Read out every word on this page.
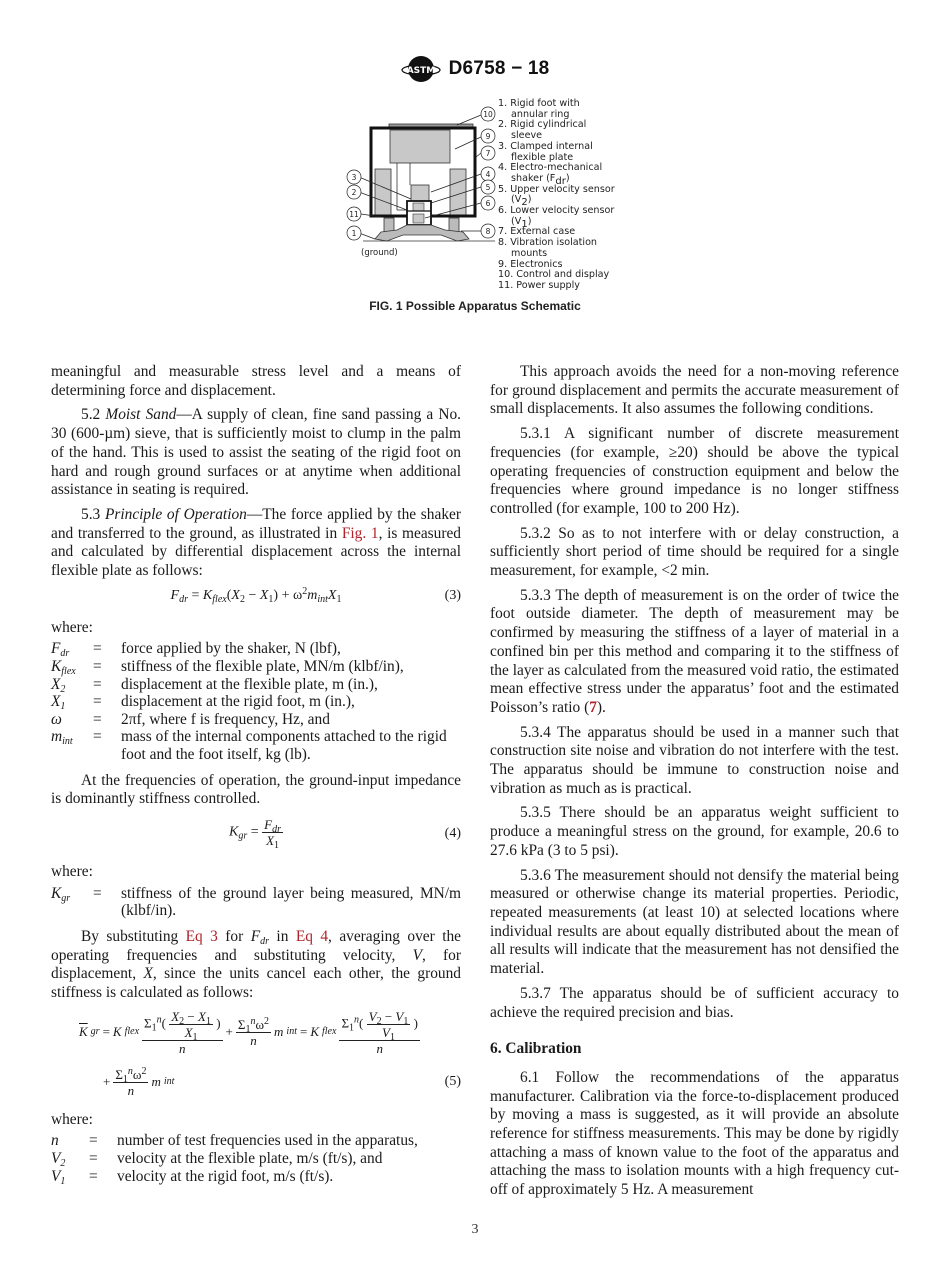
ASTM D6758 − 18
(ground)
10
9
7
4
5
6
8
3
2
11
1
1. Rigid foot with
annular ring
2. Rigid cylindrical
sleeve
3. Clamped internal
flexible plate
4. Electro-mechanical
shaker $(F_{dr})$
5. Upper velocity sensor
$(V_2)$
6. Lower velocity sensor
$(V_1)$
7. External case
8. Vibration isolation
mounts
9. Electronics
10. Control and display
11. Power supply
FIG. 1 Possible Apparatus Schematic

meaningful and measurable stress level and a means of determining force and displacement.

5.2 Moist Sand—A supply of clean, fine sand passing a No. 30 (600-µm) sieve, that is sufficiently moist to clump in the palm of the hand. This is used to assist the seating of the rigid foot on hard and rough ground surfaces or at anytime when additional assistance in seating is required.

5.3 Principle of Operation—The force applied by the shaker and transferred to the ground, as illustrated in Fig. 1, is measured and calculated by differential displacement across the internal flexible plate as follows:

$F_{dr} = K_{flex}(X_2 - X_1) + \omega^2m_{int}X_1$	(3)
where:
$F_{dr}$	=	force applied by the shaker, N (lbf),
$K_{flex}$	=	stiffness of the flexible plate, MN/m (klbf/in),
$X_2$	=	displacement at the flexible plate, m (in.),
$X_1$	=	displacement at the rigid foot, m (in.),
ω	=	2πf, where f is frequency, Hz, and
$m_{int}$	=	mass of the internal components attached to the rigid foot and the foot itself, kg (lb).

At the frequencies of operation, the ground-input impedance is dominantly stiffness controlled.

$K_{gr} = \frac{F_{dr}}{X_1}$	(4)
where:
$K_{gr}$	=	stiffness of the ground layer being measured, MN/m (klbf/in).

By substituting Eq 3 for $F_{dr}$ in Eq 4, averaging over the operating frequencies and substituting velocity, V, for displacement, X, since the units cancel each other, the ground stiffness is calculated as follows:

$\overline{K}$ gr = K flex $\frac{\Sigma_1^n( \frac{X_2 - X_1}{X_1} )}{n} + \frac{\Sigma_1^n\omega^2}{n}$ m int = K flex $\frac{\Sigma_1^n( \frac{V_2 - V_1}{V_1} )}{n}$
+ $\frac{\Sigma_1^n\omega^2}{n}$ m int	(5)
where:
n	=	number of test frequencies used in the apparatus,
$V_2$	=	velocity at the flexible plate, m/s (ft/s), and
$V_1$	=	velocity at the rigid foot, m/s (ft/s).

This approach avoids the need for a non-moving reference for ground displacement and permits the accurate measurement of small displacements. It also assumes the following conditions.

5.3.1 A significant number of discrete measurement frequencies (for example, ≥20) should be above the typical operating frequencies of construction equipment and below the frequencies where ground impedance is no longer stiffness controlled (for example, 100 to 200 Hz).

5.3.2 So as to not interfere with or delay construction, a sufficiently short period of time should be required for a single measurement, for example, <2 min.

5.3.3 The depth of measurement is on the order of twice the foot outside diameter. The depth of measurement may be confirmed by measuring the stiffness of a layer of material in a confined bin per this method and comparing it to the stiffness of the layer as calculated from the measured void ratio, the estimated mean effective stress under the apparatus’ foot and the estimated Poisson’s ratio (7).

5.3.4 The apparatus should be used in a manner such that construction site noise and vibration do not interfere with the test. The apparatus should be immune to construction noise and vibration as much as is practical.

5.3.5 There should be an apparatus weight sufficient to produce a meaningful stress on the ground, for example, 20.6 to 27.6 kPa (3 to 5 psi).

5.3.6 The measurement should not densify the material being measured or otherwise change its material properties. Periodic, repeated measurements (at least 10) at selected locations where individual results are about equally distributed about the mean of all results will indicate that the measurement has not densified the material.

5.3.7 The apparatus should be of sufficient accuracy to achieve the required precision and bias.

6. Calibration

6.1 Follow the recommendations of the apparatus manufacturer. Calibration via the force-to-displacement produced by moving a mass is suggested, as it will provide an absolute reference for stiffness measurements. This may be done by rigidly attaching a mass of known value to the foot of the apparatus and attaching the mass to isolation mounts with a high frequency cut-off of approximately 5 Hz. A measurement

3
